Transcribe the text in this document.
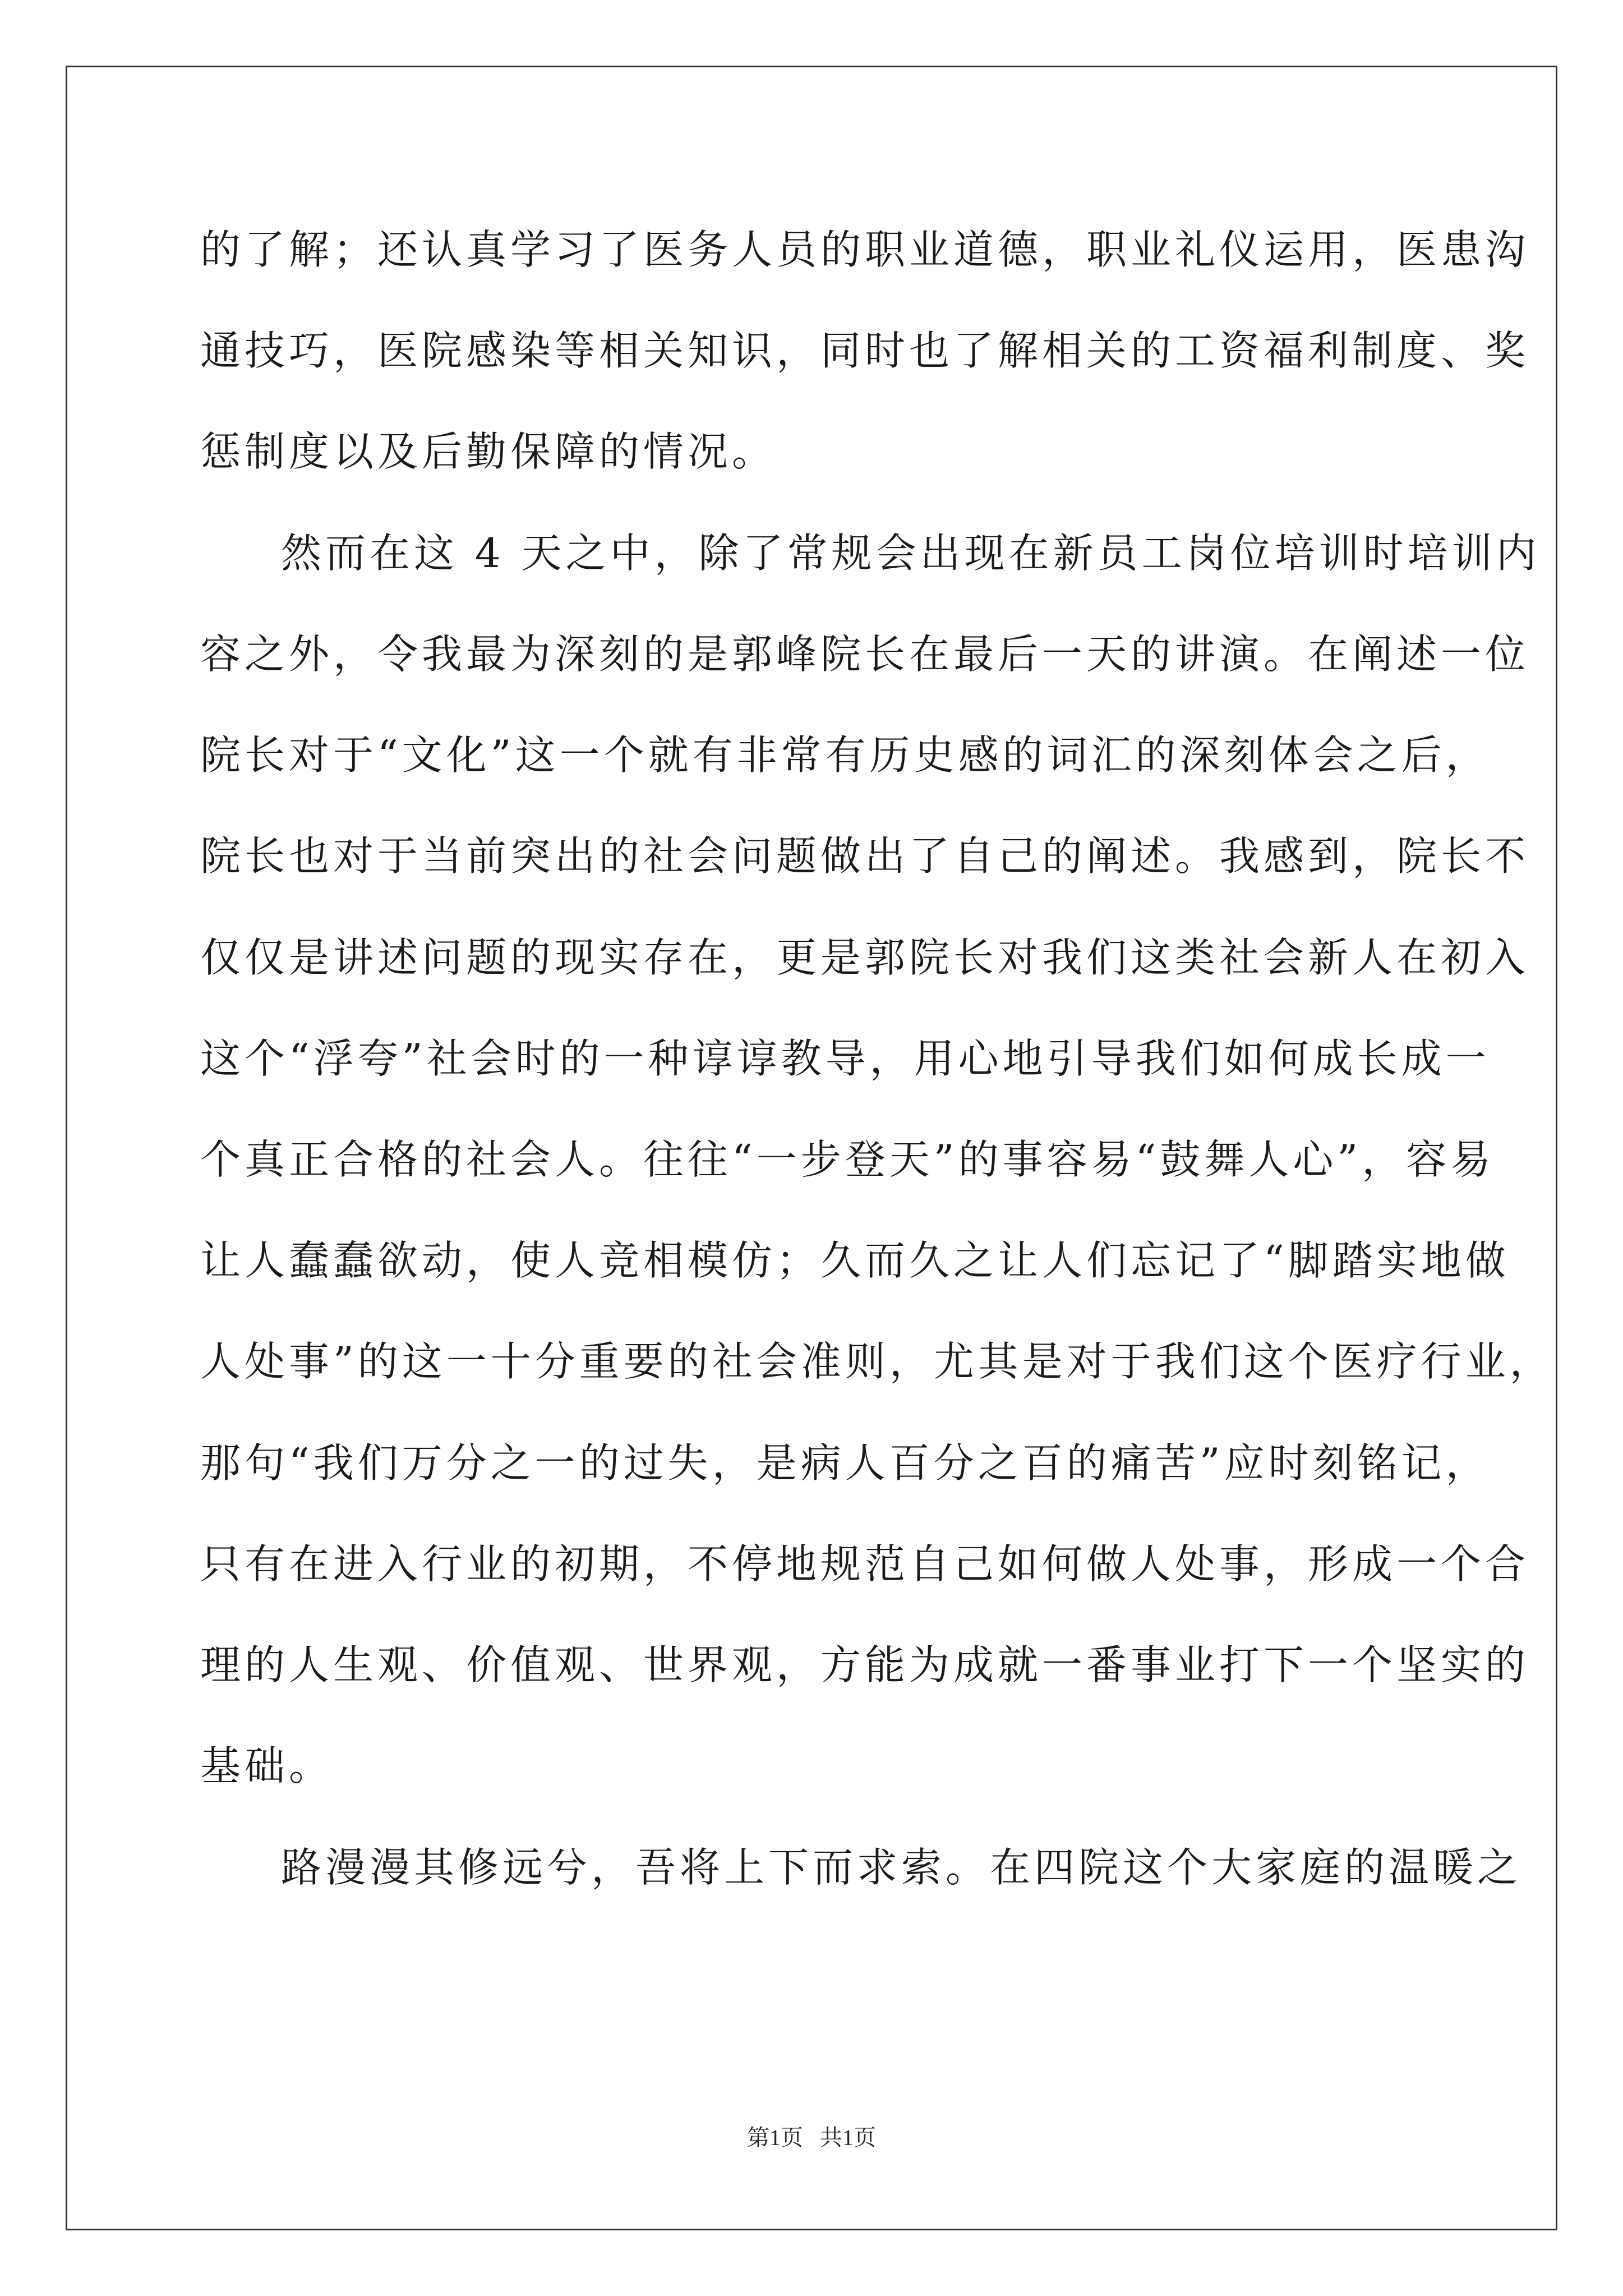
的了解；还认真学习了医务人员的职业道德，职业礼仪运用，医患沟
通技巧，医院感染等相关知识，同时也了解相关的工资福利制度、奖
惩制度以及后勤保障的情况。
然而在这 4 天之中，除了常规会出现在新员工岗位培训时培训内
容之外，令我最为深刻的是郭峰院长在最后一天的讲演。在阐述一位
院长对于“文化”这一个就有非常有历史感的词汇的深刻体会之后，
院长也对于当前突出的社会问题做出了自己的阐述。我感到，院长不
仅仅是讲述问题的现实存在，更是郭院长对我们这类社会新人在初入
这个“浮夸”社会时的一种谆谆教导，用心地引导我们如何成长成一
个真正合格的社会人。往往“一步登天”的事容易“鼓舞人心”，容易
让人蠢蠢欲动，使人竞相模仿；久而久之让人们忘记了“脚踏实地做
人处事”的这一十分重要的社会准则，尤其是对于我们这个医疗行业，
那句“我们万分之一的过失，是病人百分之百的痛苦”应时刻铭记，
只有在进入行业的初期，不停地规范自己如何做人处事，形成一个合
理的人生观、价值观、世界观，方能为成就一番事业打下一个坚实的
基础。
路漫漫其修远兮，吾将上下而求索。在四院这个大家庭的温暖之
第1页 共1页
